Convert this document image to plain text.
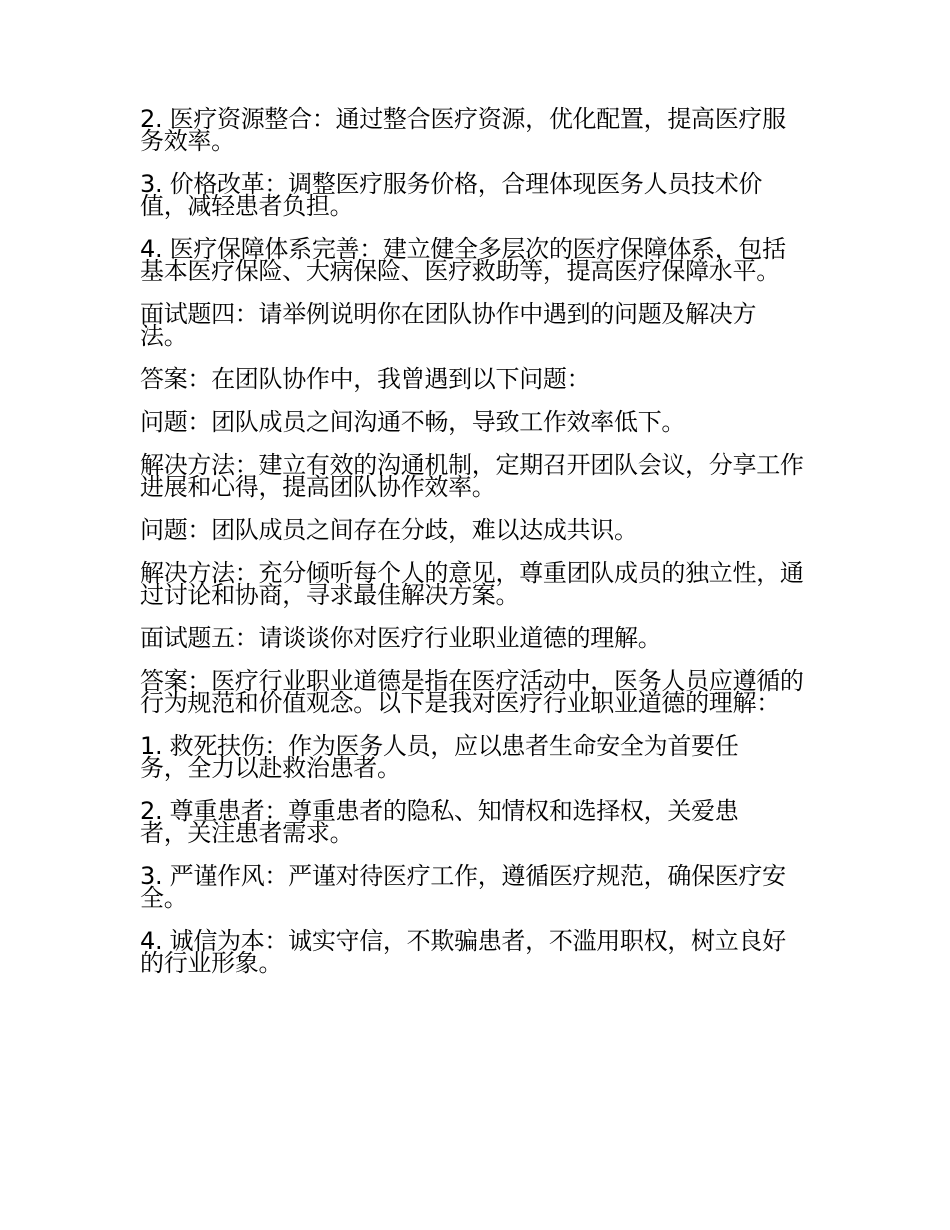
2. 医疗资源整合：通过整合医疗资源，优化配置，提高医疗服务效率。

3. 价格改革：调整医疗服务价格，合理体现医务人员技术价值，减轻患者负担。

4. 医疗保障体系完善：建立健全多层次的医疗保障体系，包括基本医疗保险、大病保险、医疗救助等，提高医疗保障水平。

面试题四：请举例说明你在团队协作中遇到的问题及解决方法。

答案：在团队协作中，我曾遇到以下问题：

问题：团队成员之间沟通不畅，导致工作效率低下。

解决方法：建立有效的沟通机制，定期召开团队会议，分享工作进展和心得，提高团队协作效率。

问题：团队成员之间存在分歧，难以达成共识。

解决方法：充分倾听每个人的意见，尊重团队成员的独立性，通过讨论和协商，寻求最佳解决方案。

面试题五：请谈谈你对医疗行业职业道德的理解。

答案：医疗行业职业道德是指在医疗活动中，医务人员应遵循的行为规范和价值观念。以下是我对医疗行业职业道德的理解：

1. 救死扶伤：作为医务人员，应以患者生命安全为首要任务，全力以赴救治患者。

2. 尊重患者：尊重患者的隐私、知情权和选择权，关爱患者，关注患者需求。

3. 严谨作风：严谨对待医疗工作，遵循医疗规范，确保医疗安全。

4. 诚信为本：诚实守信，不欺骗患者，不滥用职权，树立良好的行业形象。
